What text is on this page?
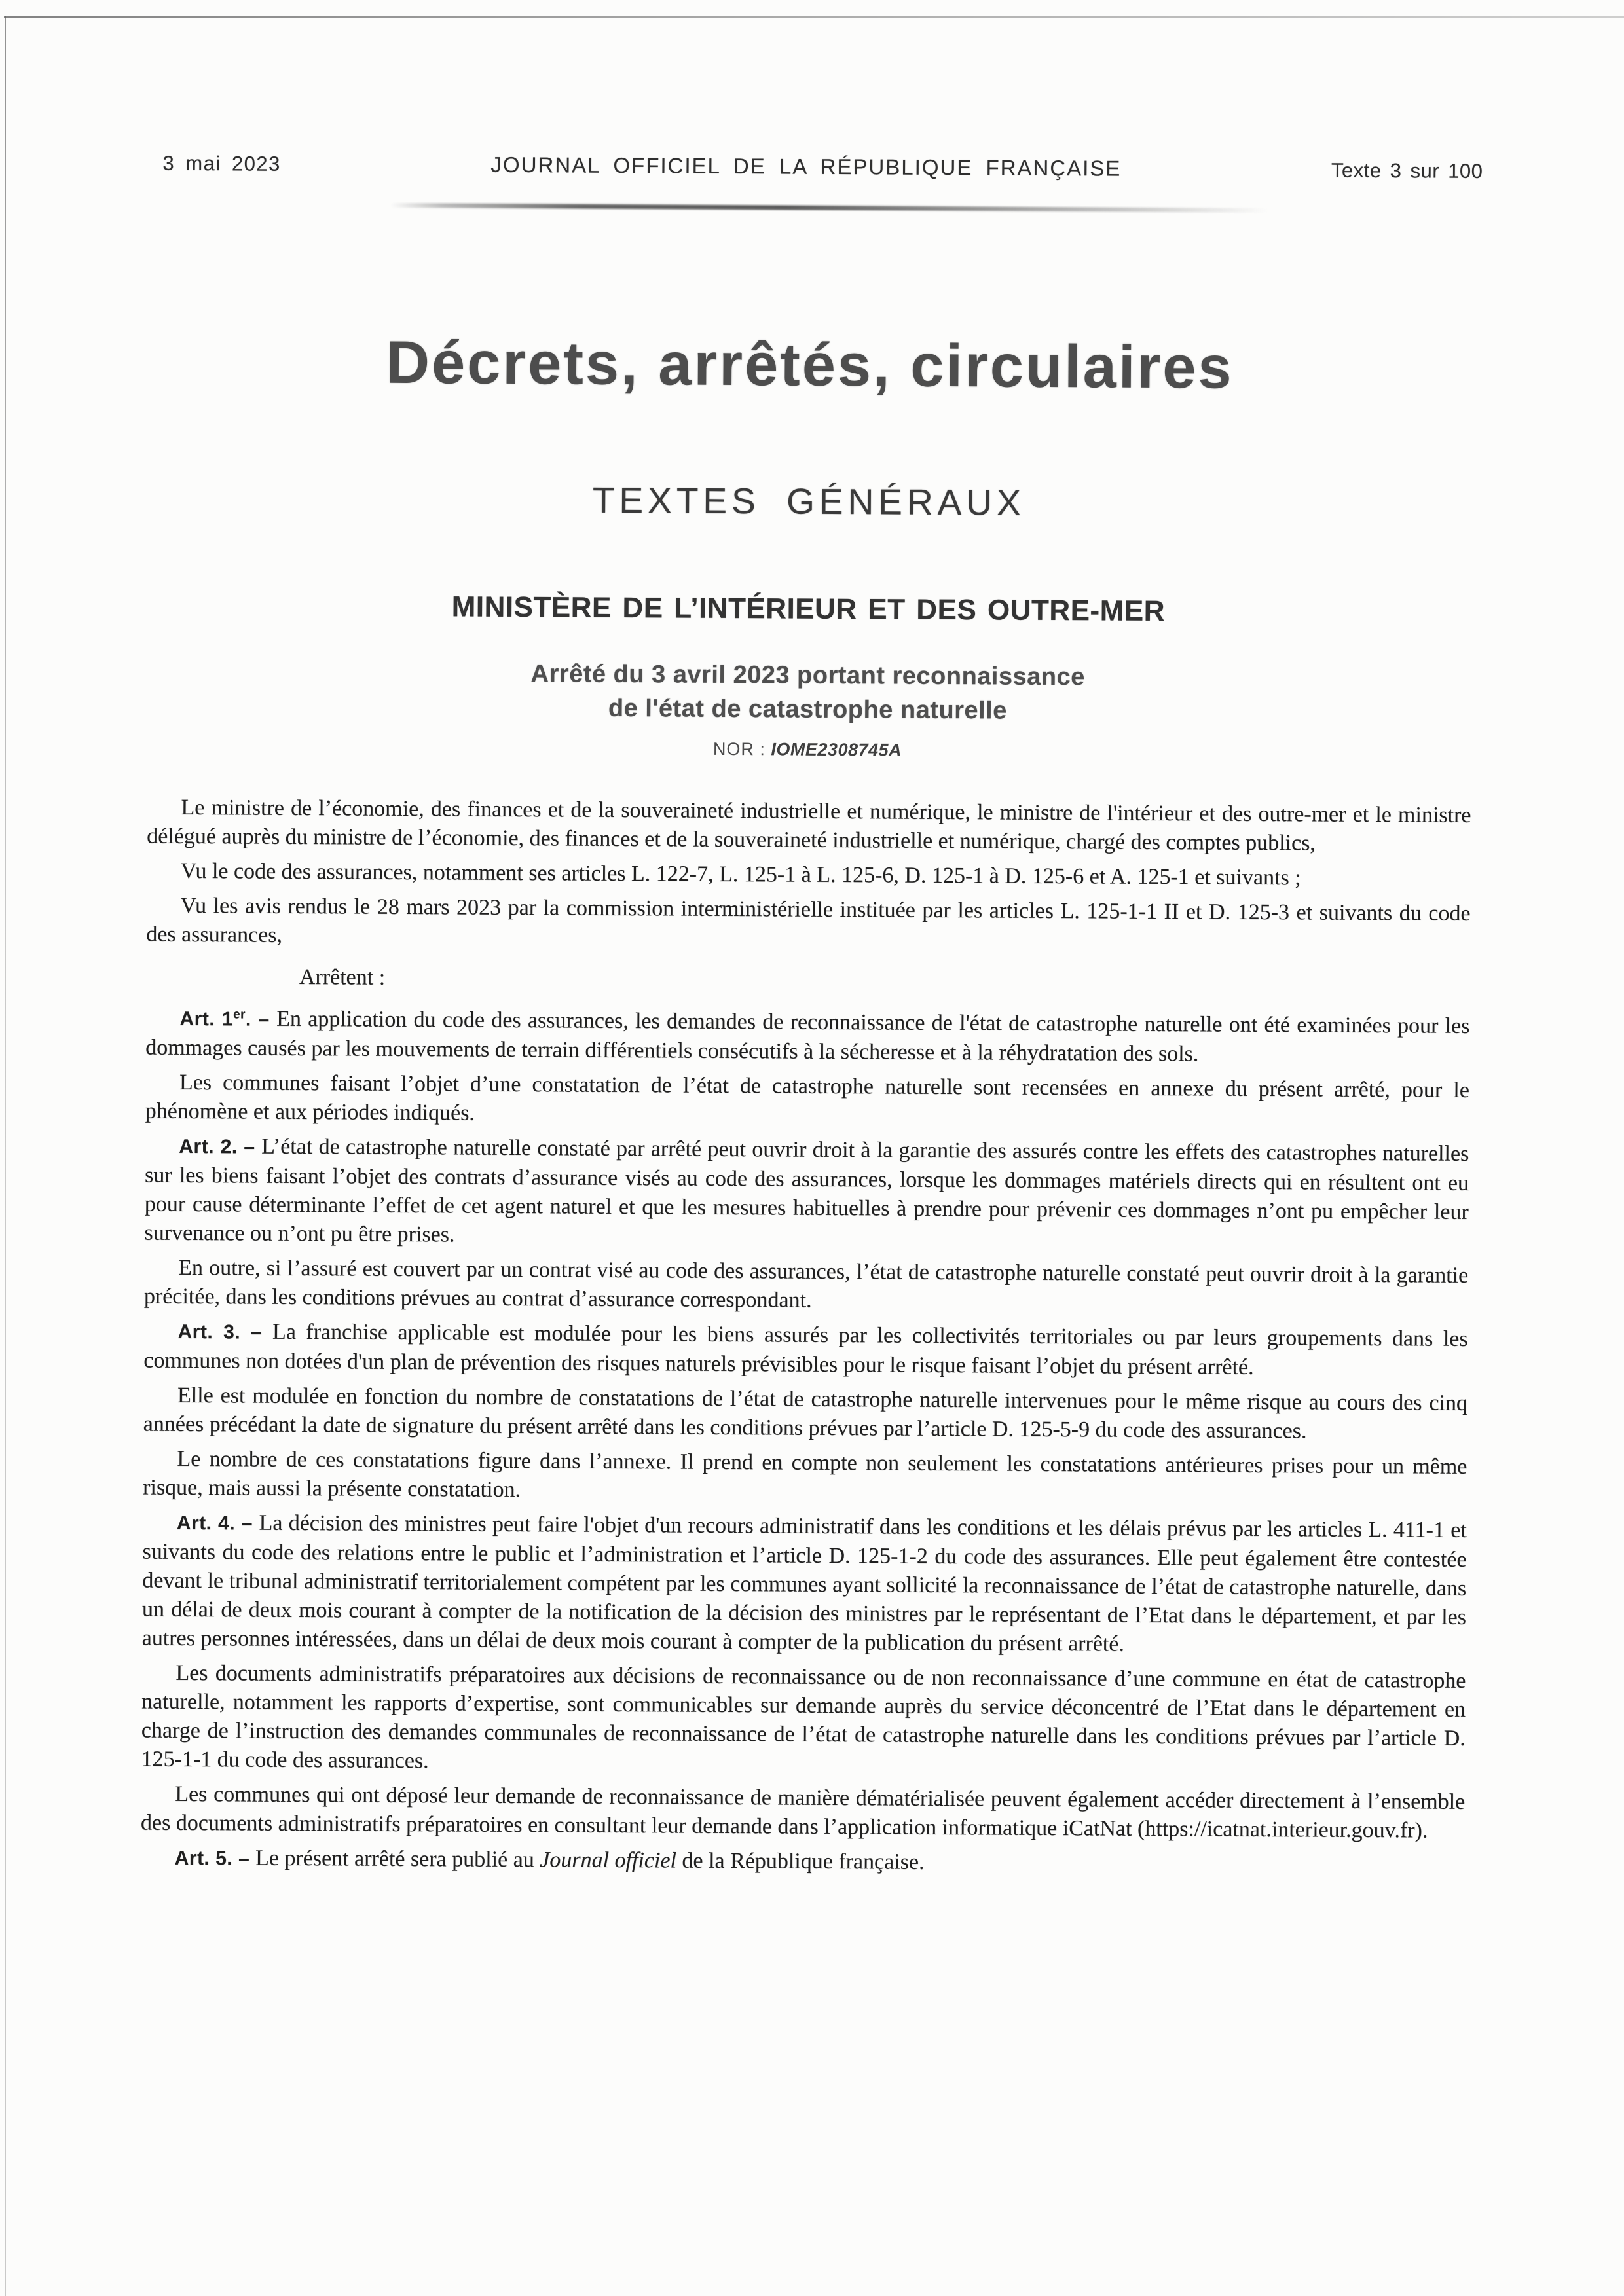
3 mai 2023	JOURNAL OFFICIEL DE LA RÉPUBLIQUE FRANÇAISE	Texte 3 sur 100
Décrets, arrêtés, circulaires
TEXTES GÉNÉRAUX
MINISTÈRE DE L’INTÉRIEUR ET DES OUTRE-MER
Arrêté du 3 avril 2023 portant reconnaissance
de l'état de catastrophe naturelle
NOR : IOME2308745A

Le ministre de l’économie, des finances et de la souveraineté industrielle et numérique, le ministre de l'intérieur et des outre-mer et le ministre délégué auprès du ministre de l’économie, des finances et de la souveraineté industrielle et numérique, chargé des comptes publics,

Vu le code des assurances, notamment ses articles L. 122-7, L. 125-1 à L. 125-6, D. 125-1 à D. 125-6 et A. 125-1 et suivants ;

Vu les avis rendus le 28 mars 2023 par la commission interministérielle instituée par les articles L. 125-1-1 II et D. 125-3 et suivants du code des assurances,

Arrêtent :

Art. 1er. – En application du code des assurances, les demandes de reconnaissance de l'état de catastrophe naturelle ont été examinées pour les dommages causés par les mouvements de terrain différentiels consécutifs à la sécheresse et à la réhydratation des sols.

Les communes faisant l’objet d’une constatation de l’état de catastrophe naturelle sont recensées en annexe du présent arrêté, pour le phénomène et aux périodes indiqués.

Art. 2. – L’état de catastrophe naturelle constaté par arrêté peut ouvrir droit à la garantie des assurés contre les effets des catastrophes naturelles sur les biens faisant l’objet des contrats d’assurance visés au code des assurances, lorsque les dommages matériels directs qui en résultent ont eu pour cause déterminante l’effet de cet agent naturel et que les mesures habituelles à prendre pour prévenir ces dommages n’ont pu empêcher leur survenance ou n’ont pu être prises.

En outre, si l’assuré est couvert par un contrat visé au code des assurances, l’état de catastrophe naturelle constaté peut ouvrir droit à la garantie précitée, dans les conditions prévues au contrat d’assurance correspondant.

Art. 3. – La franchise applicable est modulée pour les biens assurés par les collectivités territoriales ou par leurs groupements dans les communes non dotées d'un plan de prévention des risques naturels prévisibles pour le risque faisant l’objet du présent arrêté.

Elle est modulée en fonction du nombre de constatations de l’état de catastrophe naturelle intervenues pour le même risque au cours des cinq années précédant la date de signature du présent arrêté dans les conditions prévues par l’article D. 125-5-9 du code des assurances.

Le nombre de ces constatations figure dans l’annexe. Il prend en compte non seulement les constatations antérieures prises pour un même risque, mais aussi la présente constatation.

Art. 4. – La décision des ministres peut faire l'objet d'un recours administratif dans les conditions et les délais prévus par les articles L. 411-1 et suivants du code des relations entre le public et l’administration et l’article D. 125-1-2 du code des assurances. Elle peut également être contestée devant le tribunal administratif territorialement compétent par les communes ayant sollicité la reconnaissance de l’état de catastrophe naturelle, dans un délai de deux mois courant à compter de la notification de la décision des ministres par le représentant de l’Etat dans le département, et par les autres personnes intéressées, dans un délai de deux mois courant à compter de la publication du présent arrêté.

Les documents administratifs préparatoires aux décisions de reconnaissance ou de non reconnaissance d’une commune en état de catastrophe naturelle, notamment les rapports d’expertise, sont communicables sur demande auprès du service déconcentré de l’Etat dans le département en charge de l’instruction des demandes communales de reconnaissance de l’état de catastrophe naturelle dans les conditions prévues par l’article D. 125-1-1 du code des assurances.

Les communes qui ont déposé leur demande de reconnaissance de manière dématérialisée peuvent également accéder directement à l’ensemble des documents administratifs préparatoires en consultant leur demande dans l’application informatique iCatNat (https://icatnat.interieur.gouv.fr).

Art. 5. – Le présent arrêté sera publié au Journal officiel de la République française.
